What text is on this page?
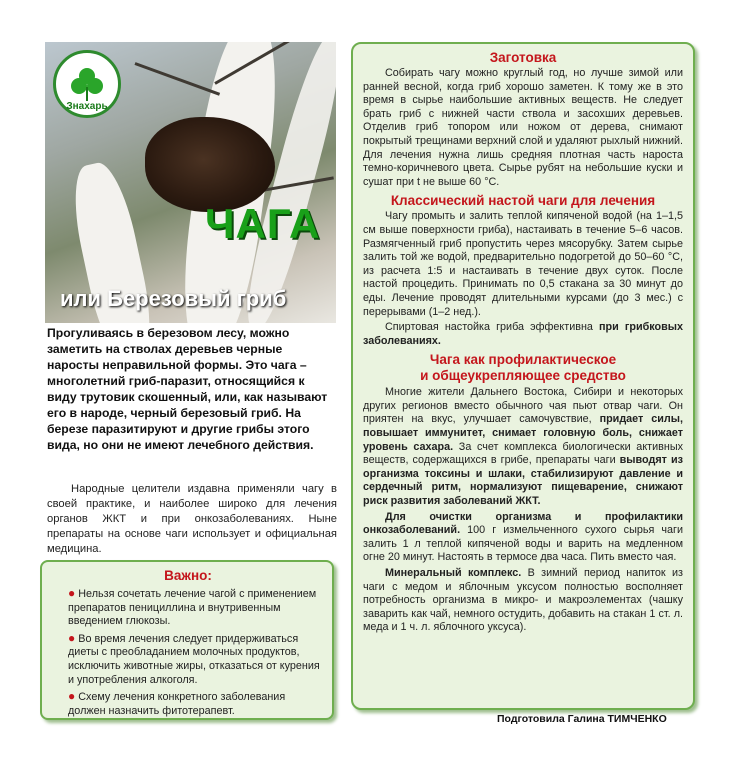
Знахарь
ЧАГА
или Березовый гриб

Прогуливаясь в березовом лесу, можно заметить на стволах деревьев черные наросты неправильной формы. Это чага – многолетний гриб-паразит, относящийся к виду трутовик скошенный, или, как называют его в народе, черный березовый гриб. На березе паразитируют и другие грибы этого вида, но они не имеют лечебного действия.

Народные целители издавна применяли чагу в своей практике, и наиболее широко для лечения органов ЖКТ и при онкозаболеваниях. Ныне препараты на основе чаги использует и официальная медицина.

Важно:

● Нельзя сочетать лечение чагой с применением препаратов пенициллина и внутривенным введением глюкозы.

● Во время лечения следует придерживаться диеты с преобладанием молочных продуктов, исключить животные жиры, отказаться от курения и употребления алкоголя.

● Схему лечения конкретного заболевания должен назначить фитотерапевт.

Заготовка

Собирать чагу можно круглый год, но лучше зимой или ранней весной, когда гриб хорошо заметен. К тому же в это время в сырье наибольшие активных веществ. Не следует брать гриб с нижней части ствола и засохших деревьев. Отделив гриб топором или ножом от дерева, снимают покрытый трещинами верхний слой и удаляют рыхлый нижний. Для лечения нужна лишь средняя плотная часть нароста темно-коричневого цвета. Сырье рубят на небольшие куски и сушат при t не выше 60 °С.

Классический настой чаги для лечения

Чагу промыть и залить теплой кипяченой водой (на 1–1,5 см выше поверхности гриба), настаивать в течение 5–6 часов. Размягченный гриб пропустить через мясорубку. Затем сырье залить той же водой, предварительно подогретой до 50–60 °С, из расчета 1:5 и настаивать в течение двух суток. После настой процедить. Принимать по 0,5 стакана за 30 минут до еды. Лечение проводят длительными курсами (до 3 мес.) с перерывами (1–2 нед.).

Спиртовая настойка гриба эффективна при грибковых заболеваниях.

Чага как профилактическое
и общеукрепляющее средство

Многие жители Дальнего Востока, Сибири и некоторых других регионов вместо обычного чая пьют отвар чаги. Он приятен на вкус, улучшает самочувствие, придает силы, повышает иммунитет, снимает головную боль, снижает уровень сахара. За счет комплекса биологически активных веществ, содержащихся в грибе, препараты чаги выводят из организма токсины и шлаки, стабилизируют давление и сердечный ритм, нормализуют пищеварение, снижают риск развития заболеваний ЖКТ.

Для очистки организма и профилактики онкозаболеваний. 100 г измельченного сухого сырья чаги залить 1 л теплой кипяченой воды и варить на медленном огне 20 минут. Настоять в термосе два часа. Пить вместо чая.

Минеральный комплекс. В зимний период напиток из чаги с медом и яблочным уксусом полностью восполняет потребность организма в микро- и макроэлементах (чашку заварить как чай, немного остудить, добавить на стакан 1 ст. л. меда и 1 ч. л. яблочного уксуса).

Подготовила Галина ТИМЧЕНКО
